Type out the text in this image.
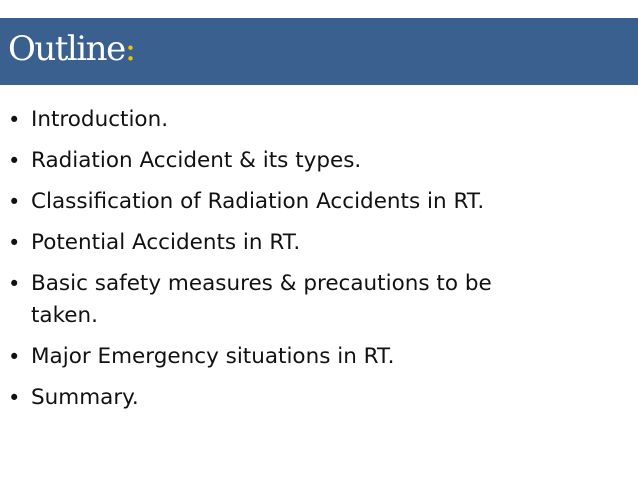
Outline:
• Introduction.
• Radiation Accident & its types.
• Classification of Radiation Accidents in RT.
• Potential Accidents in RT.
• Basic safety measures & precautions to be taken.
• Major Emergency situations in RT.
• Summary.
